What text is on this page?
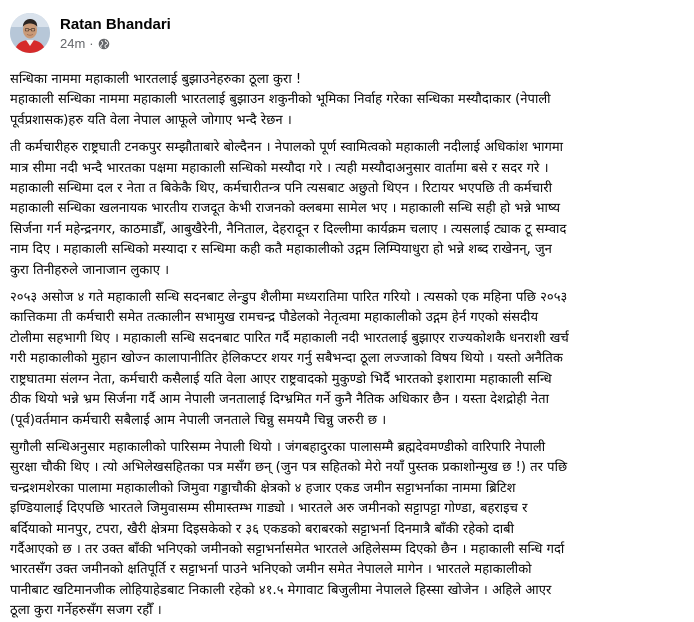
Ratan Bhandari
24m ·
सन्धिका नाममा महाकाली भारतलाई बुझाउनेहरुका ठूला कुरा !
महाकाली सन्धिका नाममा महाकाली भारतलाई बुझाउन शकुनीको भूमिका निर्वाह गरेका सन्धिका मस्यौदाकार (नेपाली
पूर्वप्रशासक)हरु यति वेला नेपाल आफूले जोगाए भन्दै रेछन ।
ती कर्मचारीहरु राष्ट्रघाती टनकपुर सम्झौताबारे बोल्दैनन । नेपालको पूर्ण स्वामित्वको महाकाली नदीलाई अधिकांश भागमा
मात्र सीमा नदी भन्दै भारतका पक्षमा महाकाली सन्धिको मस्यौदा गरे । त्यही मस्यौदाअनुसार वार्तामा बसे र सदर गरे ।
महाकाली सन्धिमा दल र नेता त बिकेकै थिए, कर्मचारीतन्त्र पनि त्यसबाट अछुतो थिएन । रिटायर भएपछि ती कर्मचारी
महाकाली सन्धिका खलनायक भारतीय राजदूत केभी राजनको क्लबमा सामेल भए । महाकाली सन्धि सही हो भन्ने भाष्य
सिर्जना गर्न महेन्द्रनगर, काठमाडौँ, आबुखैरेनी, नैनिताल, देहरादून र दिल्लीमा कार्यक्रम चलाए । त्यसलाई ट्याक टू सम्वाद
नाम दिए । महाकाली सन्धिको मस्यादा र सन्धिमा कही कतै महाकालीको उद्गम लिम्पियाधुरा हो भन्ने शब्द राखेनन्, जुन
कुरा तिनीहरुले जानाजान लुकाए ।
२०५३ असोज ४ गते महाकाली सन्धि सदनबाट लेन्डुप शैलीमा मध्यरातिमा पारित गरियो । त्यसको एक महिना पछि २०५३
कात्तिकमा ती कर्मचारी समेत तत्कालीन सभामुख रामचन्द्र पौडेलको नेतृत्वमा महाकालीको उद्गम हेर्न गएको संसदीय
टोलीमा सहभागी थिए । महाकाली सन्धि सदनबाट पारित गर्दै महाकाली नदी भारतलाई बुझाएर राज्यकोशकै धनराशी खर्च
गरी महाकालीको मुहान खोज्न कालापानीतिर हेलिकप्टर शयर गर्नु सबैभन्दा ठूला लज्जाको विषय थियो । यस्तो अनैतिक
राष्ट्रघातमा संलग्न नेता, कर्मचारी कसैलाई यति वेला आएर राष्ट्रवादको मुकुण्डो भिर्दै भारतको इशारामा महाकाली सन्धि
ठीक थियो भन्ने भ्रम सिर्जना गर्दै आम नेपाली जनतालाई दिग्भ्रमित गर्ने कुनै नैतिक अधिकार छैन । यस्ता देशद्रोही नेता
(पूर्व)वर्तमान कर्मचारी सबैलाई आम नेपाली जनताले चिन्नु समयमै चिन्नु जरुरी छ ।
सुगौली सन्धिअनुसार महाकालीको पारिसम्म नेपाली थियो । जंगबहादुरका पालासम्मै ब्रह्मदेवमण्डीको वारिपारि नेपाली
सुरक्षा चौकी थिए । त्यो अभिलेखसहितका पत्र मसँग छन् (जुन पत्र सहितको मेरो नयाँ पुस्तक प्रकाशोन्मुख छ !) तर पछि
चन्द्रशमशेरका पालामा महाकालीको जिमुवा गड्डाचौकी क्षेत्रको ४ हजार एकड जमीन सट्टाभर्नाका नाममा ब्रिटिश
इण्डियालाई दिएपछि भारतले जिमुवासम्म सीमास्तम्भ गाड्यो । भारतले अरु जमीनको सट्टापट्टा गोण्डा, बहराइच र
बर्दियाको मानपुर, टपरा, खैरी क्षेत्रमा दिइसकेको र ३६ एकडको बराबरको सट्टाभर्ना दिनमात्रै बाँकी रहेको दाबी
गर्दैआएको छ । तर उक्त बाँकी भनिएको जमीनको सट्टाभर्नासमेत भारतले अहिलेसम्म दिएको छैन । महाकाली सन्धि गर्दा
भारतसँग उक्त जमीनको क्षतिपूर्ति र सट्टाभर्ना पाउने भनिएको जमीन समेत नेपालले मागेन । भारतले महाकालीको
पानीबाट खटिमानजीक लोहियाहेडबाट निकाली रहेको ४१.५ मेगावाट बिजुलीमा नेपालले हिस्सा खोजेन । अहिले आएर
ठूला कुरा गर्नेहरुसँग सजग रहौँ ।
